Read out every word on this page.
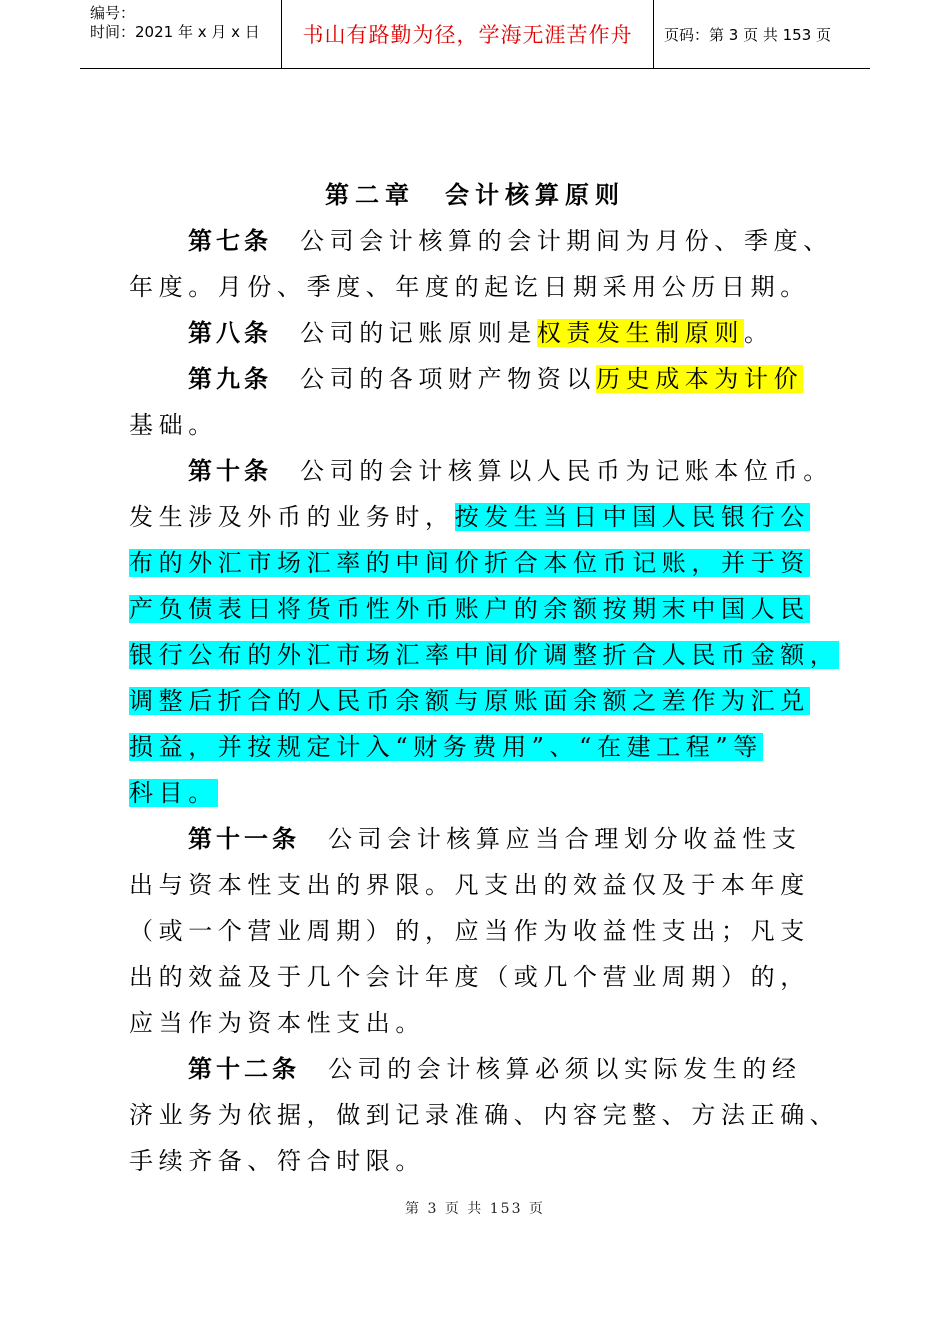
编号：
时间：2021 年 x 月 x 日	书山有路勤为径，学海无涯苦作舟	页码：第 3 页 共 153 页
第二章　会计核算原则
第七条 公司会计核算的会计期间为月份、季度、
年度。月份、季度、年度的起讫日期采用公历日期。
第八条 公司的记账原则是权责发生制原则。
第九条 公司的各项财产物资以历史成本为计价
基础。
第十条 公司的会计核算以人民币为记账本位币。
发生涉及外币的业务时，按发生当日中国人民银行公
布的外汇市场汇率的中间价折合本位币记账，并于资
产负债表日将货币性外币账户的余额按期末中国人民
银行公布的外汇市场汇率中间价调整折合人民币金额，
调整后折合的人民币余额与原账面余额之差作为汇兑
损益，并按规定计入“财务费用”、“在建工程”等
科目。
第十一条 公司会计核算应当合理划分收益性支
出与资本性支出的界限。凡支出的效益仅及于本年度
（或一个营业周期）的，应当作为收益性支出；凡支
出的效益及于几个会计年度（或几个营业周期）的，
应当作为资本性支出。
第十二条 公司的会计核算必须以实际发生的经
济业务为依据，做到记录准确、内容完整、方法正确、
手续齐备、符合时限。
第 3 页 共 153 页
